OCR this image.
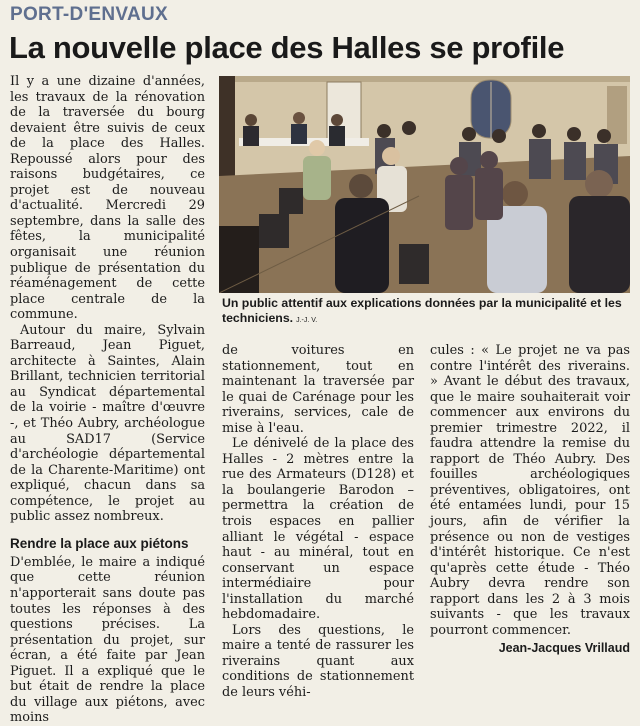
PORT-D'ENVAUX
La nouvelle place des Halles se profile

Il y a une dizaine d'années, les travaux de la rénovation de la traversée du bourg devaient être suivis de ceux de la place des Halles. Repoussé alors pour des raisons budgétaires, ce projet est de nouveau d'actualité. Mercredi 29 septembre, dans la salle des fêtes, la municipalité organisait une réunion publique de présentation du réaménagement de cette place centrale de la commune.

Autour du maire, Sylvain Barreaud, Jean Piguet, architecte à Saintes, Alain Brillant, technicien territorial au Syndicat départemental de la voirie - maître d'œuvre -, et Théo Aubry, archéologue au SAD17 (Service d'archéologie départemental de la Charente-Maritime) ont expliqué, chacun dans sa compétence, le projet au public assez nombreux.

Rendre la place aux piétons

D'emblée, le maire a indiqué que cette réunion n'apporterait sans doute pas toutes les réponses à des questions précises. La présentation du projet, sur écran, a été faite par Jean Piguet. Il a expliqué que le but était de rendre la place du village aux piétons, avec moins

Un public attentif aux explications données par la municipalité et les techniciens. J.-J. V.

de voitures en stationnement, tout en maintenant la traversée par le quai de Carénage pour les riverains, services, cale de mise à l'eau.

Le dénivelé de la place des Halles - 2 mètres entre la rue des Armateurs (D128) et la boulangerie Barodon – permettra la création de trois espaces en pallier alliant le végétal - espace haut - au minéral, tout en conservant un espace intermédiaire pour l'installation du marché hebdomadaire.

Lors des questions, le maire a tenté de rassurer les riverains quant aux conditions de stationnement de leurs véhi-

cules : « Le projet ne va pas contre l'intérêt des riverains. » Avant le début des travaux, que le maire souhaiterait voir commencer aux environs du premier trimestre 2022, il faudra attendre la remise du rapport de Théo Aubry. Des fouilles archéologiques préventives, obligatoires, ont été entamées lundi, pour 15 jours, afin de vérifier la présence ou non de vestiges d'intérêt historique. Ce n'est qu'après cette étude - Théo Aubry devra rendre son rapport dans les 2 à 3 mois suivants - que les travaux pourront commencer.

Jean-Jacques Vrillaud
